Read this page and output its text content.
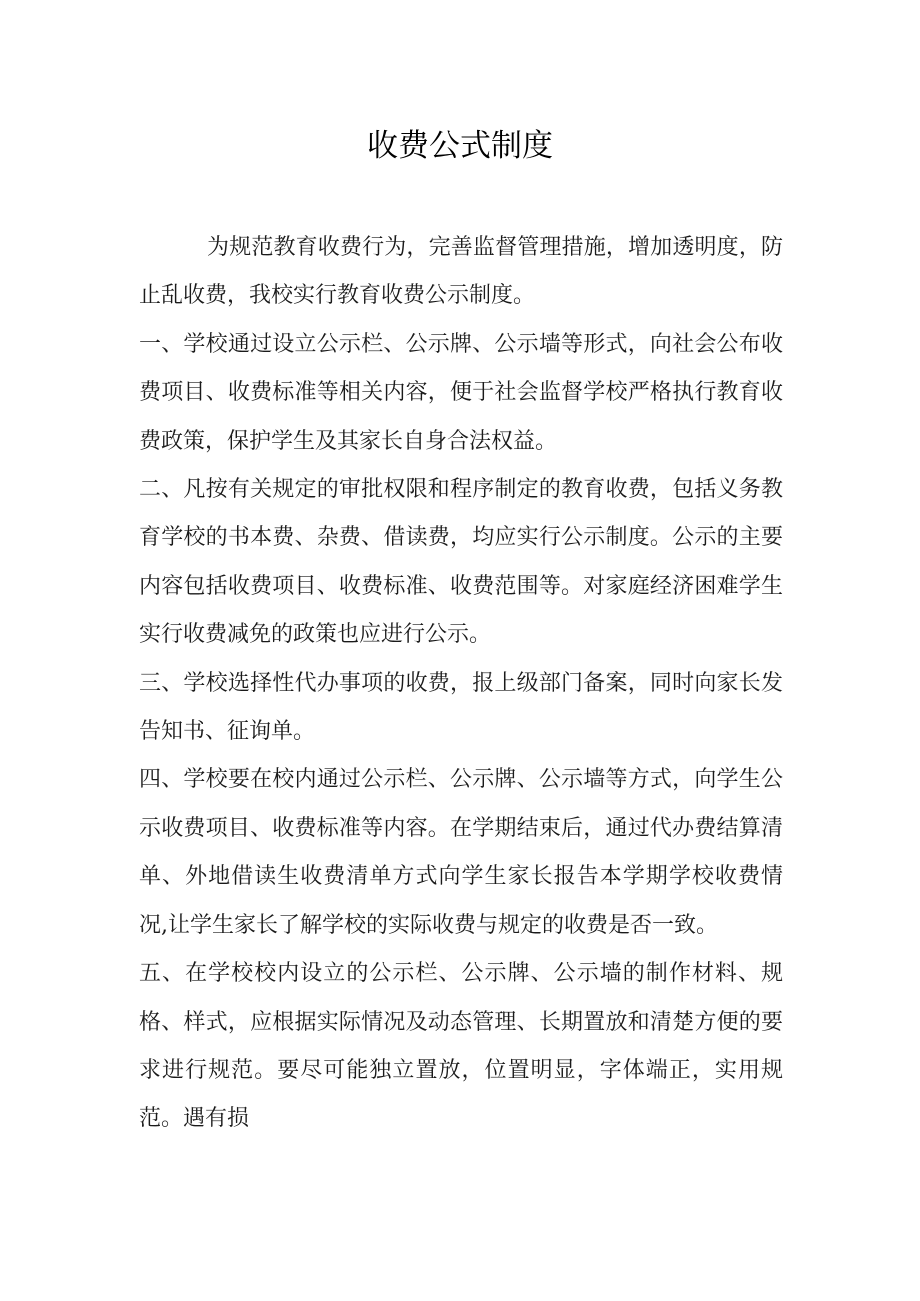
收费公式制度

为规范教育收费行为，完善监督管理措施，增加透明度，防止乱收费，我校实行教育收费公示制度。

一、学校通过设立公示栏、公示牌、公示墙等形式，向社会公布收费项目、收费标准等相关内容，便于社会监督学校严格执行教育收费政策，保护学生及其家长自身合法权益。

二、凡按有关规定的审批权限和程序制定的教育收费，包括义务教育学校的书本费、杂费、借读费，均应实行公示制度。公示的主要内容包括收费项目、收费标准、收费范围等。对家庭经济困难学生实行收费减免的政策也应进行公示。

三、学校选择性代办事项的收费，报上级部门备案，同时向家长发告知书、征询单。

四、学校要在校内通过公示栏、公示牌、公示墙等方式，向学生公示收费项目、收费标准等内容。在学期结束后，通过代办费结算清单、外地借读生收费清单方式向学生家长报告本学期学校收费情况,让学生家长了解学校的实际收费与规定的收费是否一致。

五、在学校校内设立的公示栏、公示牌、公示墙的制作材料、规格、样式，应根据实际情况及动态管理、长期置放和清楚方便的要求进行规范。要尽可能独立置放，位置明显，字体端正，实用规范。遇有损
